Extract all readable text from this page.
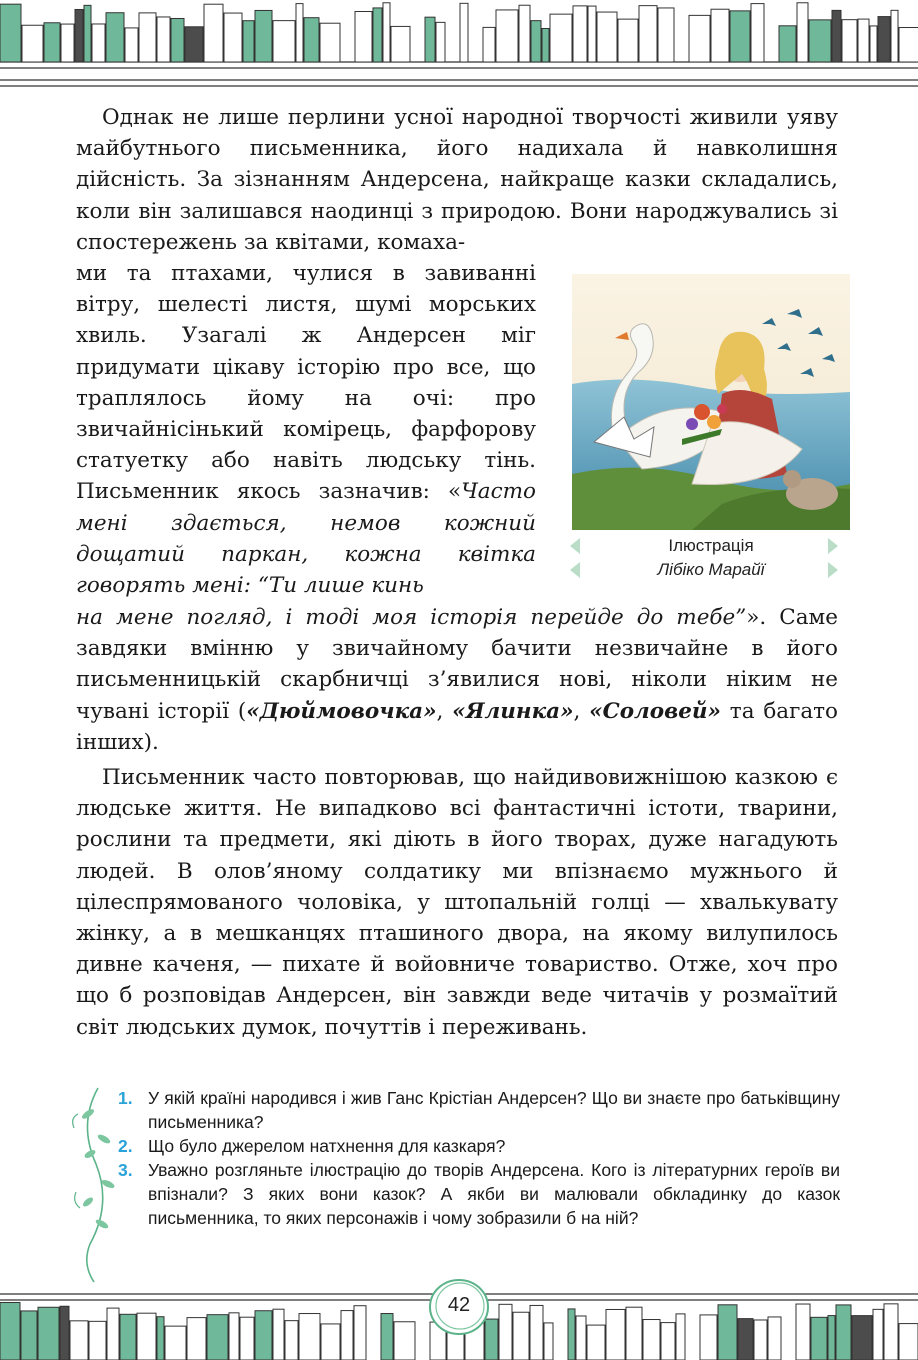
Однак не лише перлини усної народної творчості живили уяву майбутнього письменника, його надихала й навколишня дійсність. За зізнанням Андерсена, найкраще казки складались, коли він залишався наодинці з природою. Вони народжувались зі спостережень за квітами, комаха-

ми та птахами, чулися в завиванні вітру, шелесті листя, шумі морських хвиль. Узагалі ж Андерсен міг придумати цікаву історію про все, що траплялось йому на очі: про звичайнісінький комірець, фарфорову статуетку або навіть людську тінь. Письменник якось зазначив: «Часто мені здається, немов кожний дощатий паркан, кожна квітка говорять мені: “Ти лише кинь
Ілюстрація
Лібіко Марайї

на мене погляд, і тоді моя історія перейде до тебе”». Саме завдяки вмінню у звичайному бачити незвичайне в його письменницькій скарбничці з’явилися нові, ніколи ніким не чувані історії («Дюймовочка», «Ялинка», «Соловей» та багато інших).

Письменник часто повторював, що найдивовижнішою казкою є людське життя. Не випадково всі фантастичні істоти, тварини, рослини та предмети, які діють в його творах, дуже нагадують людей. В олов’яному солдатику ми впізнаємо мужнього й цілеспрямованого чоловіка, у штопальній голці — хвалькувату жінку, а в мешканцях пташиного двора, на якому вилупилось дивне каченя, — пихате й войовниче товариство. Отже, хоч про що б розповідав Андерсен, він завжди веде читачів у розмаїтий світ людських думок, почуттів і переживань.

1. У якій країні народився і жив Ганс Крістіан Андерсен? Що ви знаєте про батьківщину письменника?
2. Що було джерелом натхнення для казкаря?
3. Уважно розгляньте ілюстрацію до творів Андерсена. Кого із літературних героїв ви впізнали? З яких вони казок? А якби ви малювали обкладинку до казок письменника, то яких персонажів і чому зобразили б на ній?
42
